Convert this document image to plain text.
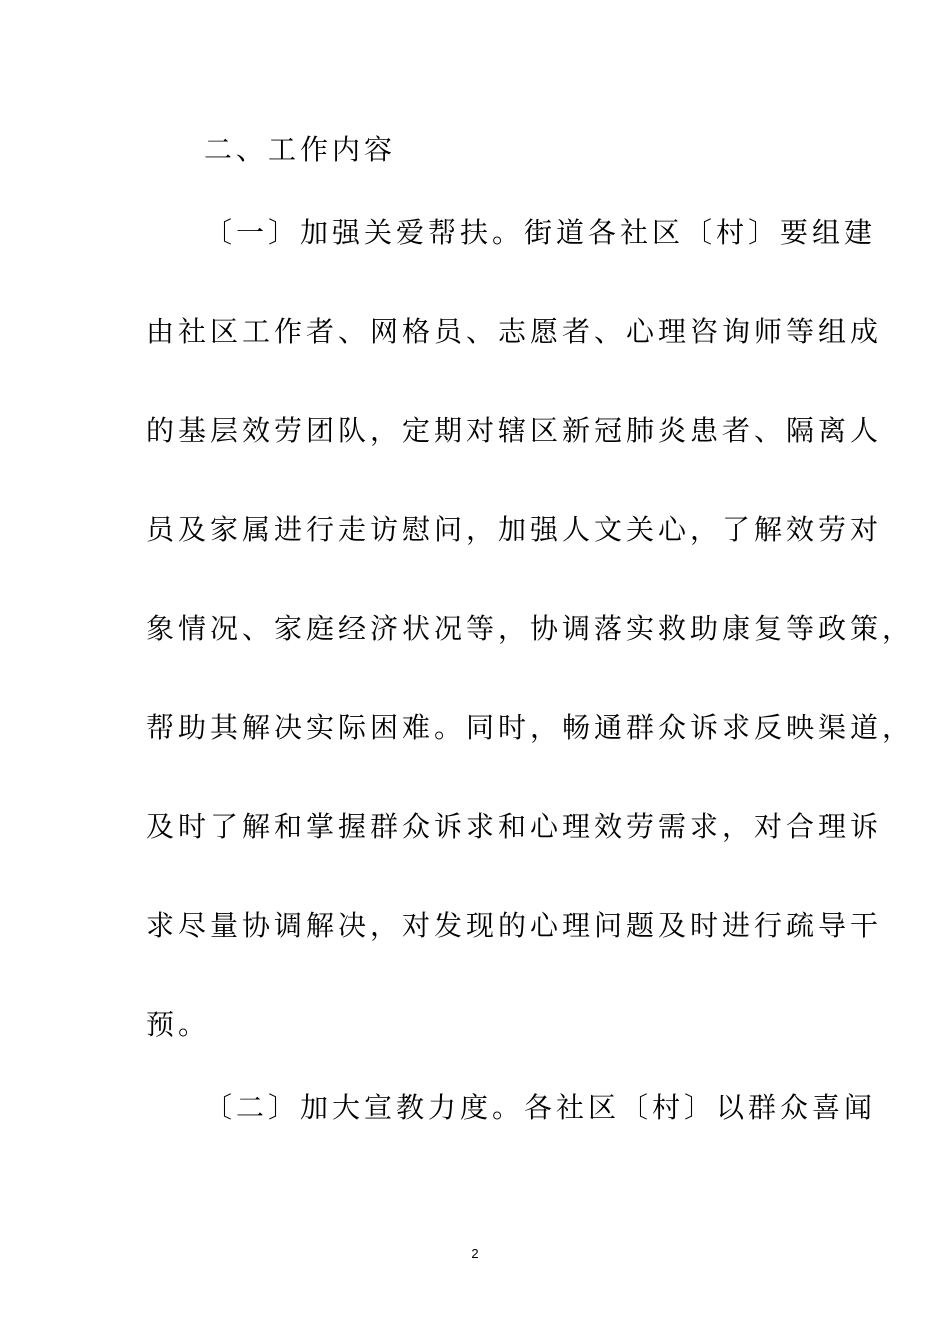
二、工作内容

〔一〕加强关爱帮扶。街道各社区〔村〕要组建

由社区工作者、网格员、志愿者、心理咨询师等组成

的基层效劳团队，定期对辖区新冠肺炎患者、隔离人

员及家属进行走访慰问，加强人文关心，了解效劳对

象情况、家庭经济状况等，协调落实救助康复等政策，

帮助其解决实际困难。同时，畅通群众诉求反映渠道，

及时了解和掌握群众诉求和心理效劳需求，对合理诉

求尽量协调解决，对发现的心理问题及时进行疏导干

预。

〔二〕加大宣教力度。各社区〔村〕以群众喜闻

2
